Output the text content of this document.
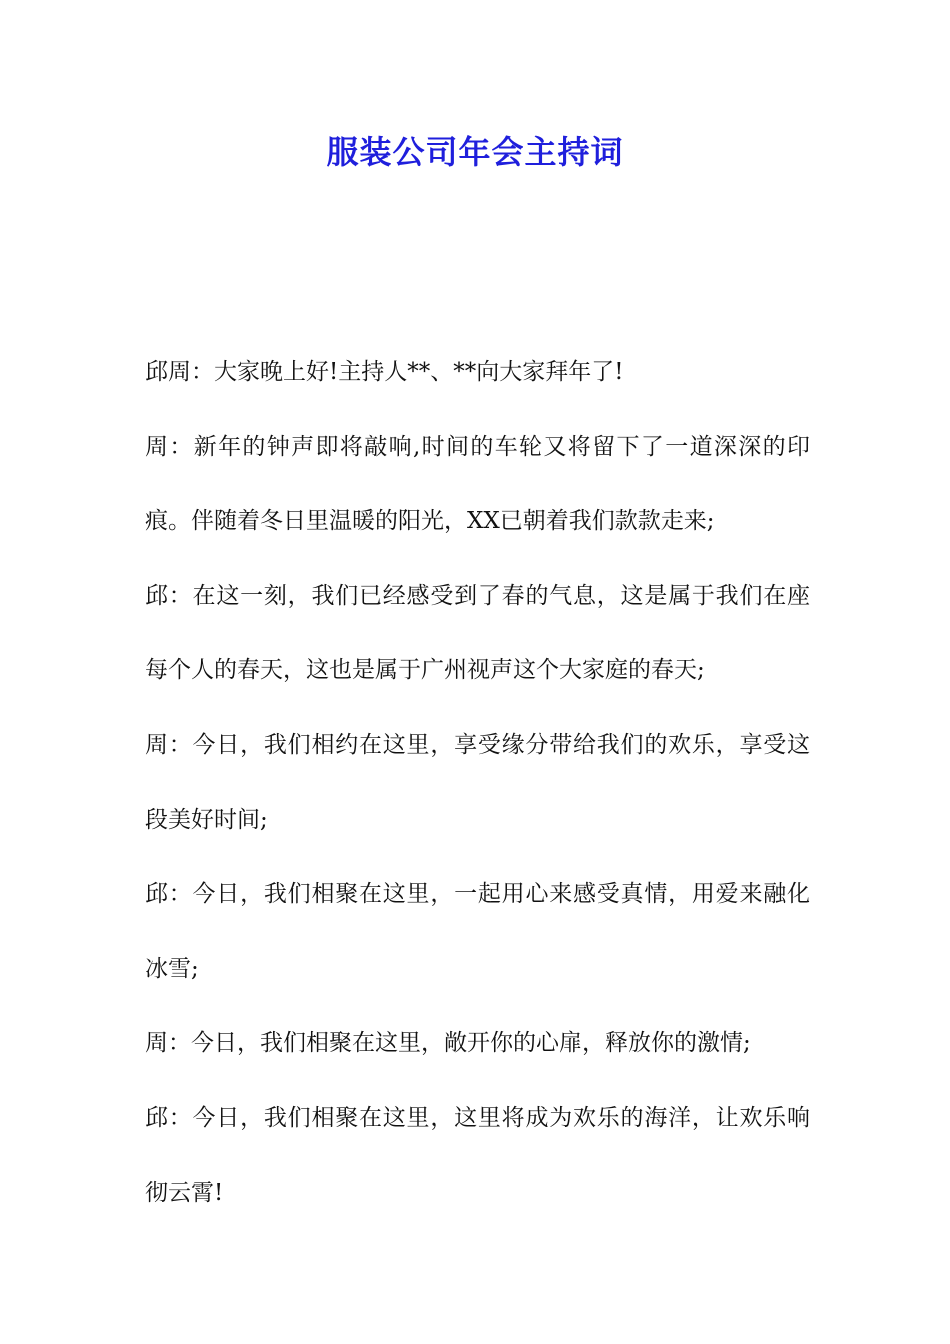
服装公司年会主持词

邱周：大家晚上好!主持人**、**向大家拜年了!

周：新年的钟声即将敲响,时间的车轮又将留下了一道深深的印痕。伴随着冬日里温暖的阳光，XX已朝着我们款款走来;

邱：在这一刻，我们已经感受到了春的气息，这是属于我们在座每个人的春天，这也是属于广州视声这个大家庭的春天;

周：今日，我们相约在这里，享受缘分带给我们的欢乐，享受这段美好时间;

邱：今日，我们相聚在这里，一起用心来感受真情，用爱来融化冰雪;

周：今日，我们相聚在这里，敞开你的心扉，释放你的激情;

邱：今日，我们相聚在这里，这里将成为欢乐的海洋，让欢乐响彻云霄!
